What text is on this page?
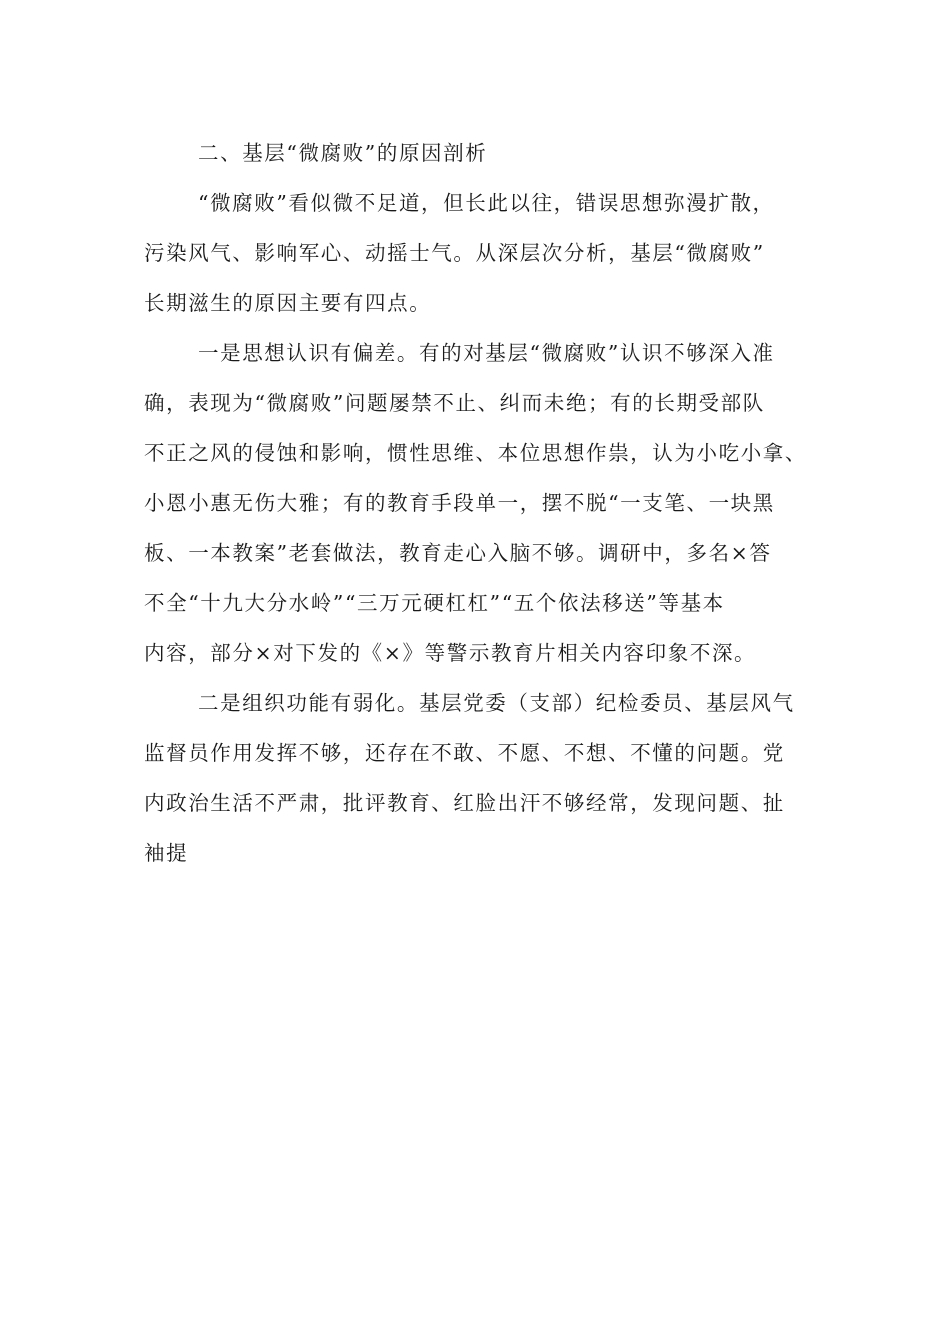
二、基层“微腐败”的原因剖析
“微腐败”看似微不足道，但长此以往，错误思想弥漫扩散，
污染风气、影响军心、动摇士气。从深层次分析，基层“微腐败”
长期滋生的原因主要有四点。
一是思想认识有偏差。有的对基层“微腐败”认识不够深入准
确，表现为“微腐败”问题屡禁不止、纠而未绝；有的长期受部队
不正之风的侵蚀和影响，惯性思维、本位思想作祟，认为小吃小拿、
小恩小惠无伤大雅；有的教育手段单一，摆不脱“一支笔、一块黑
板、一本教案”老套做法，教育走心入脑不够。调研中，多名×答
不全“十九大分水岭”“三万元硬杠杠”“五个依法移送”等基本
内容，部分×对下发的《×》等警示教育片相关内容印象不深。
二是组织功能有弱化。基层党委（支部）纪检委员、基层风气
监督员作用发挥不够，还存在不敢、不愿、不想、不懂的问题。党
内政治生活不严肃，批评教育、红脸出汗不够经常，发现问题、扯
袖提
